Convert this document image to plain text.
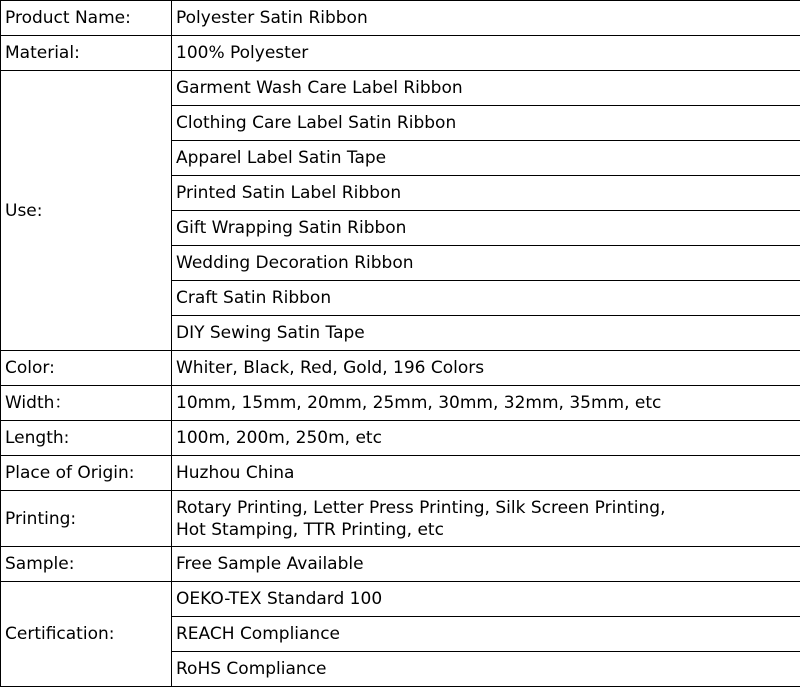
Product Name:	Polyester Satin Ribbon
Material:	100% Polyester
Use:	Garment Wash Care Label Ribbon
	Clothing Care Label Satin Ribbon
	Apparel Label Satin Tape
	Printed Satin Label Ribbon
	Gift Wrapping Satin Ribbon
	Wedding Decoration Ribbon
	Craft Satin Ribbon
	DIY Sewing Satin Tape
Color:	Whiter, Black, Red, Gold, 196 Colors
Width：	10mm, 15mm, 20mm, 25mm, 30mm, 32mm, 35mm, etc
Length:	100m, 200m, 250m, etc
Place of Origin:	Huzhou China
Printing:	Rotary Printing, Letter Press Printing, Silk Screen Printing,
Hot Stamping, TTR Printing, etc

Sample:	Free Sample Available
Certification:	OEKO-TEX Standard 100
	REACH Compliance
	RoHS Compliance
